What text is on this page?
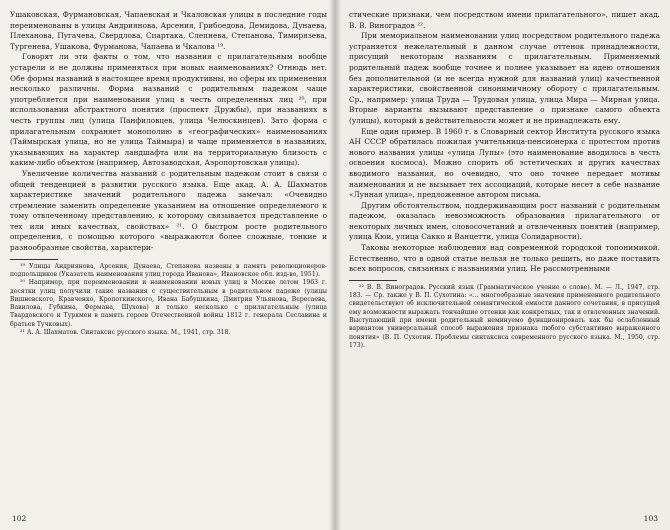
Ушаковская, Фурмановская, Чапаевская и Чкаловская улицы в последние годы переименованы в улицы Андриянова, Арсения, Грибоедова, Демидова, Дунаева, Плеханова, Пугачева, Свердлова, Спартака, Слепнева, Степанова, Тимирязева, Тургенева, Ушакова, Фурманова, Чапаева и Чкалова ¹⁹.

Говорят ли эти факты о том, что названия с прилагательным вообще устарели и не должны применяться при новых наименованиях? Отнюдь нет. Обе формы названий в настоящее время продуктивны, но сферы их применения несколько различны. Форма названий с родительным падежом чаще употребляется при наименовании улиц в честь определенных лиц ²⁰, при использовании абстрактного понятия (проспект Дружбы), при названиях в честь группы лиц (улица Панфиловцев, улица Челюскинцев). Зато форма с прилагательным сохраняет монополию в «географических» наименованиях (Таймырская улица, но не улица Таймыра) и чаще применяется в названиях, указывающих на характер ландшафта или на территориальную близость с каким-либо объектом (например, Автозаводская, Аэропортовская улицы).

Увеличение количества названий с родительным падежом стоит в связи с общей тенденцией в развитии русского языка. Еще акад. А. А. Шахматов характеристике значений родительного падежа замечал: «Очевидно стремление заменить определение указанием на отношение определяемого к тому отвлеченному представлению, к которому связывается представление о тех или иных качествах, свойствах» ²¹. О быстром росте родительного определения, с помощью которого «выражаются более сложные, тонкие и разнообразные свойства, характери-

¹⁹ Улицы Андриянова, Арсения, Дунаева, Степанова названы в память революционеров-подпольщиков (Указатель наименования улиц города Иванова», Ивановское обл. изд-во, 1951).

²⁰ Например, при переименовании и наименовании новых улиц в Москве летом 1963 г. десятки улиц получили такие названия с существительным в родительном падеже (улицы Вишневского, Кравченко, Кропоткинского, Ивана Бабушкина, Дмитрия Ульянова, Вересаева, Вавилова, Губкина, Фермана, Шухова) и только несколько с прилагательным (улица Твардовского и Туркмен в память героев Отечественной войны 1812 г. генерала Сеславина и братьев Тучковых).

²¹ А. А. Шахматов. Синтаксис русского языка. М., 1941, стр. 318.

102

стические признаки, чем посредством имени прилагательного», пишет акад. В. В. Виноградов ²².

При мемориальном наименовании улиц посредством родительного падежа устраняется нежелательный в данном случае оттенок принадлежности, присущий некоторым названиям с прилагательным. Применяемый родительный падеж вообще точнее и полнее указывает на идею отношения без дополнительной (и не всегда нужной для названий улиц) качественной характеристики, свойственной синонимичному обороту с прилагательным. Ср., например: улица Труда — Трудовая улица, улица Мира — Мирная улица. Вторые варианты вызывают представление о признаке самого объекта (улицы), который в действительности может и не принадлежать ему.

Еще один пример. В 1960 г. в Словарный сектор Института русского языка АН СССР обратилась пожилая учительница-пенсионерка с протестом против нового названия улицы «улица Лупы» (это наименование вводилось в честь освоения космоса). Можно спорить об эстетических и других качествах вводимого названия, но очевидно, что оно точнее передает мотивы наименования и не вызывает тех ассоциаций, которые несет в себе название «Лунная улица», предложенное автором письма.

Другим обстоятельством, поддерживающим рост названий с родительным падежом, оказалась невозможность образования прилагательного от некоторых личных имен, словосочетаний и отвлеченных понятий (например, улица Кюи, улица Сакко и Ванцетти, улица Солидарности).

Таковы некоторые наблюдения над современной городской топонимикой. Естественно, что в одной статье нельзя не только решить, но даже поставить всех вопросов, связанных с названиями улиц. Не рассмотренными

²² В. В. Виноградов. Русский язык (Грамматическое учение о слове). М. — Л., 1947, стр. 183. — Ср. также у В. П. Сухотина: «... многообразные значения примененного родительного свидетельствуют об исключительной семантической емкости данного сочетания, в присущей ему возможности выражать тончайшие оттенки как конкретных, так и отвлеченных значений. Выступающий при имени родительный неминуемо функционировать как бы ослабленный вариантом универсальный способ выражения признака любого субстантивно выраженного понятия» (В. П. Сухотин. Проблемы синтаксиса современного русского языка. М., 1950, стр. 173).

103
